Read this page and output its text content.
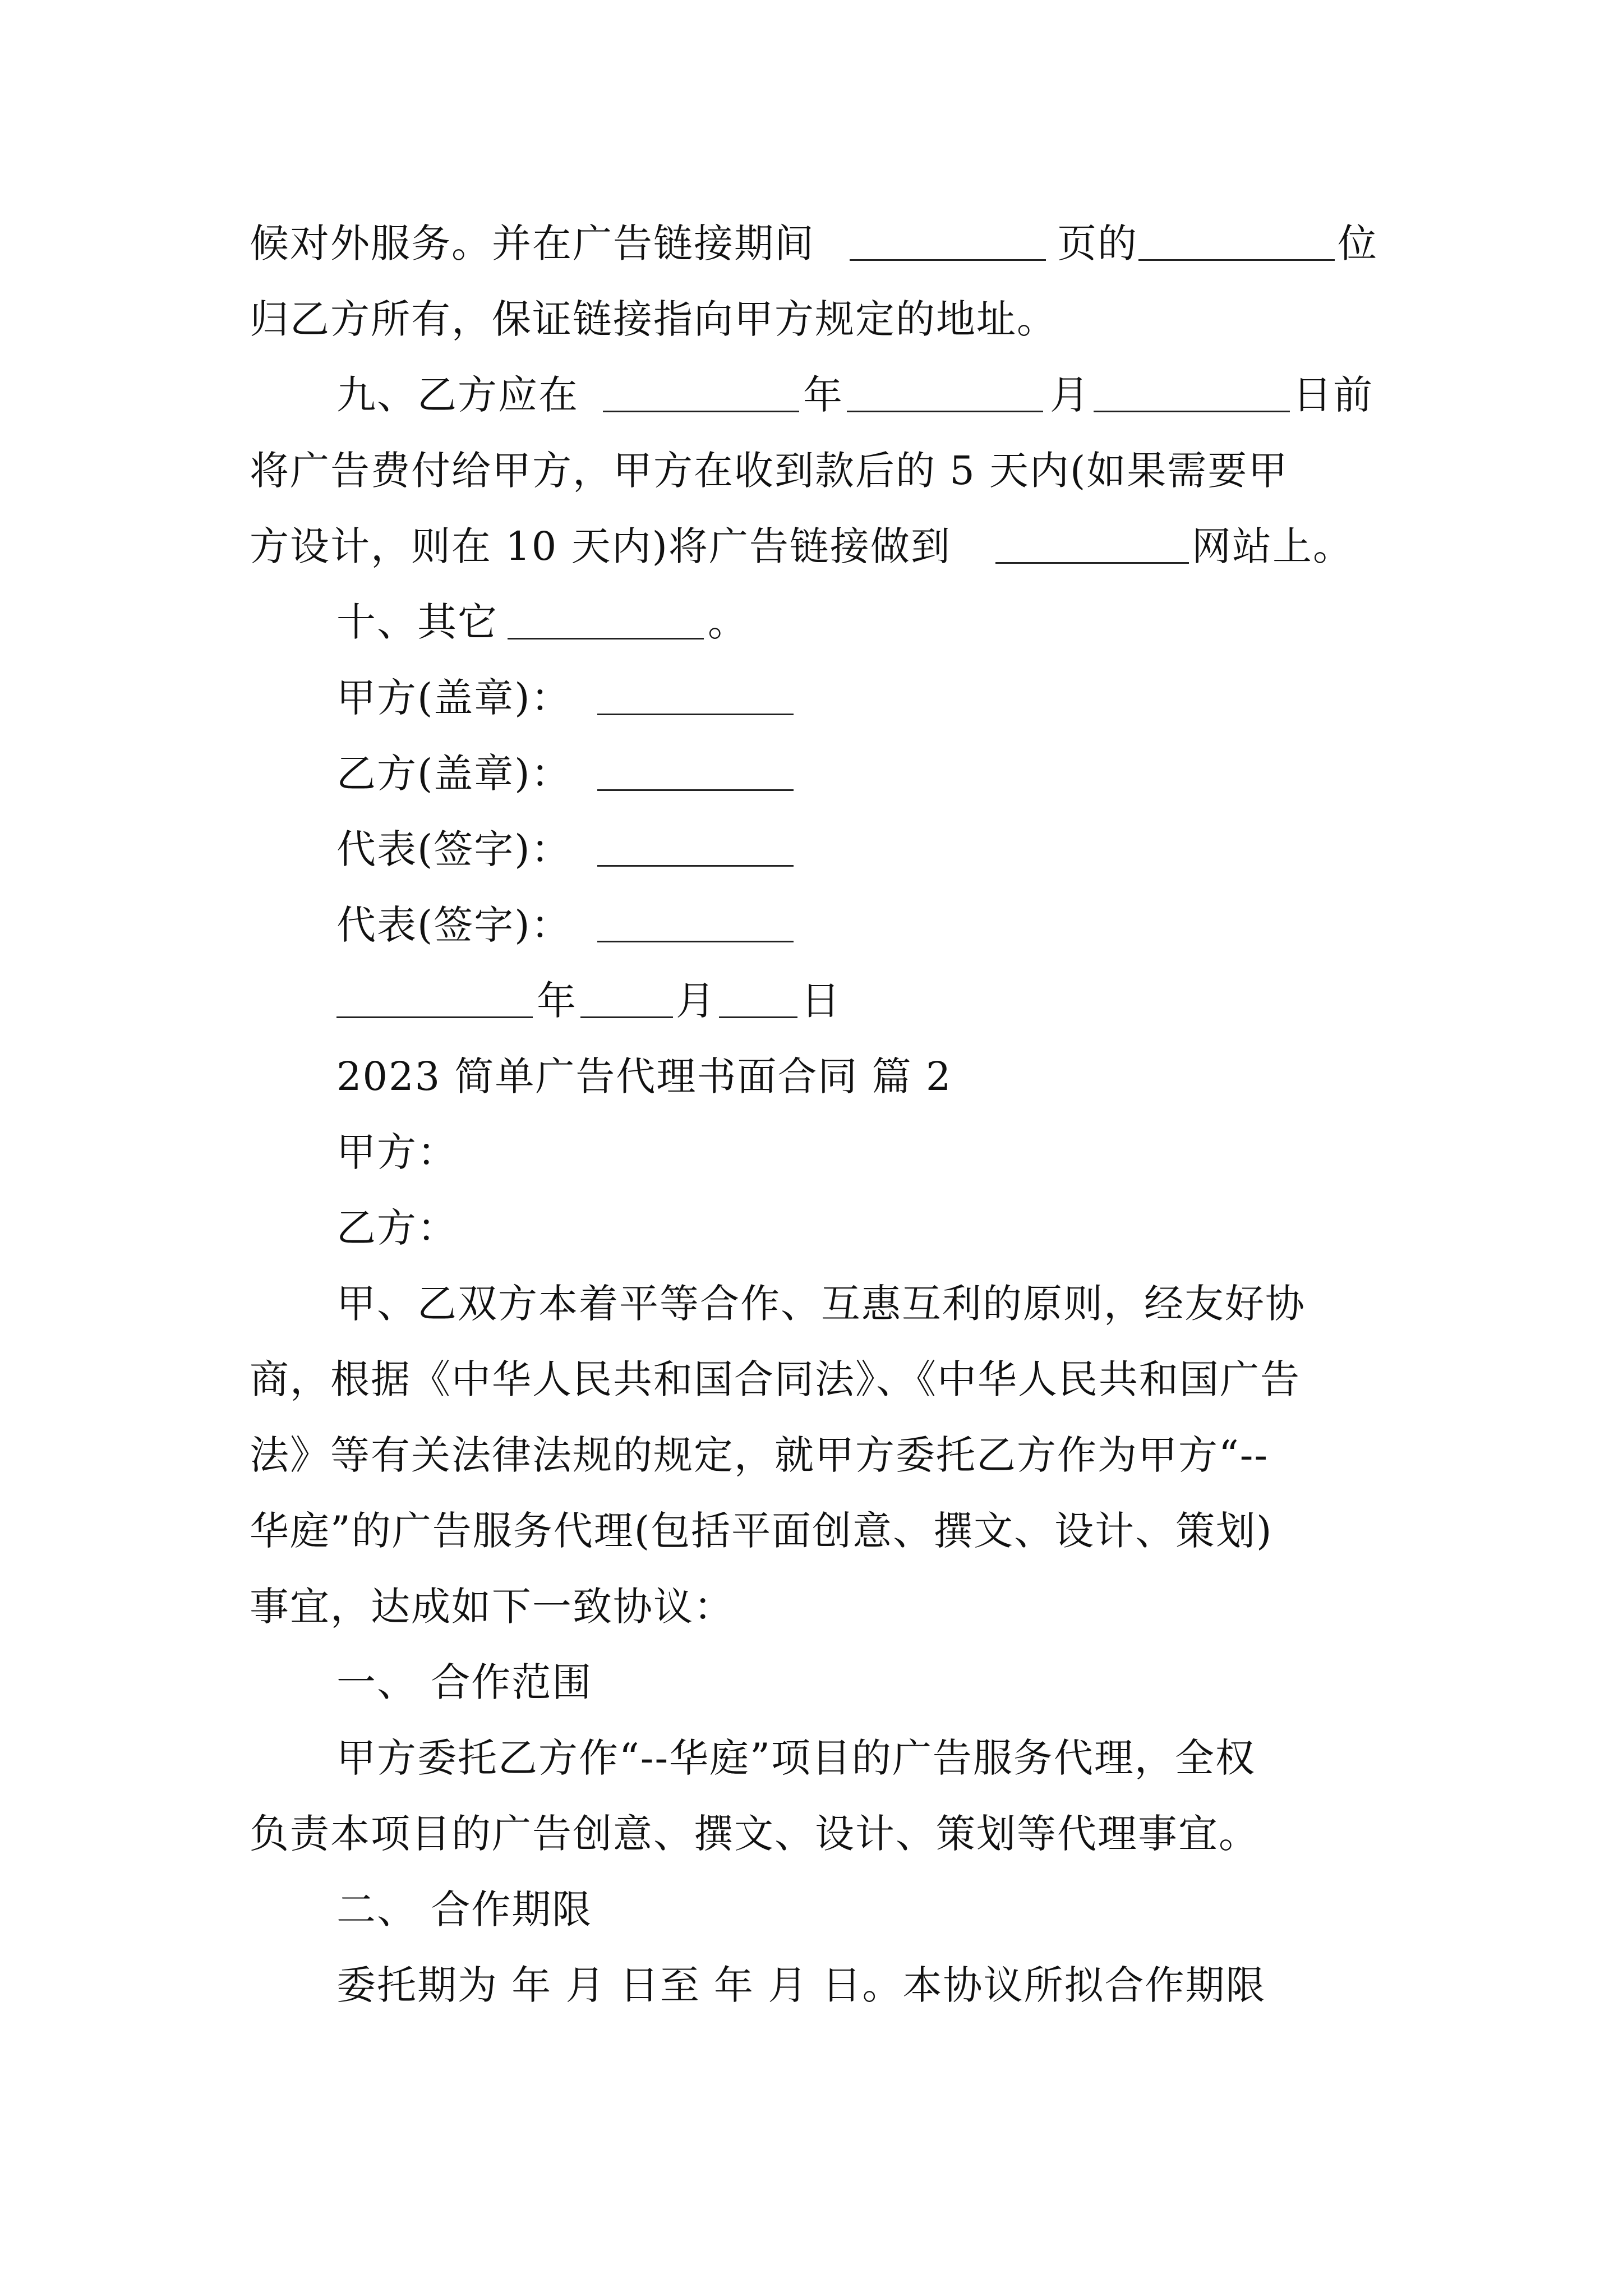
候对外服务。并在广告链接期间	页的	位
归乙方所有，保证链接指向甲方规定的地址。
九、乙方应在	年	月	日前
将广告费付给甲方，甲方在收到款后的 5 天内(如果需要甲
方设计，则在 10 天内)将广告链接做到	网站上。
十、其它	。
甲方(盖章)：
乙方(盖章)：
代表(签字)：
代表(签字)：
年	月 日
2023 简单广告代理书面合同 篇 2
甲方：
乙方：
甲、乙双方本着平等合作、互惠互利的原则，经友好协
商，根据《中华人民共和国合同法》、《中华人民共和国广告
法》等有关法律法规的规定，就甲方委托乙方作为甲方“--
华庭”的广告服务代理(包括平面创意、撰文、设计、策划)
事宜，达成如下一致协议：
一、 合作范围
甲方委托乙方作“--华庭”项目的广告服务代理，全权
负责本项目的广告创意、撰文、设计、策划等代理事宜。
二、 合作期限
委托期为 年 月 日至 年 月 日。本协议所拟合作期限
